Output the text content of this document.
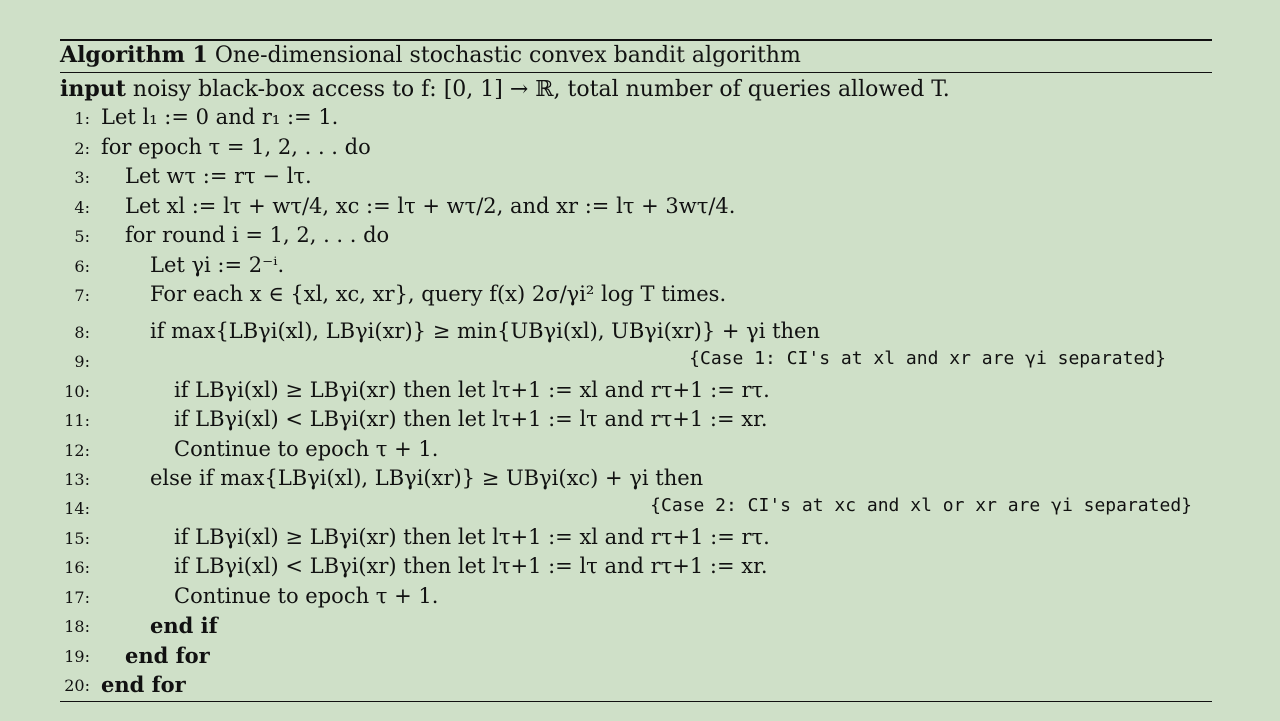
Algorithm 1 One-dimensional stochastic convex bandit algorithm
input noisy black-box access to f: [0, 1] → ℝ, total number of queries allowed T.
1: Let l₁ := 0 and r₁ := 1.
2: for epoch τ = 1, 2, . . . do
3: Let wτ := rτ − lτ.
4: Let xl := lτ + wτ/4, xc := lτ + wτ/2, and xr := lτ + 3wτ/4.
5: for round i = 1, 2, . . . do
6:	Let γi := 2⁻ⁱ.
7:	For each x ∈ {xl, xc, xr}, query f(x) 2σ/γi² log T times.
8:	if max{LBγi(xl), LBγi(xr)} ≥ min{UBγi(xl), UBγi(xr)} + γi then
9:	{Case 1: CI's at xl and xr are γi separated}
10:	if LBγi(xl) ≥ LBγi(xr) then let lτ+1 := xl and rτ+1 := rτ.
11:	if LBγi(xl) < LBγi(xr) then let lτ+1 := lτ and rτ+1 := xr.
12:	Continue to epoch τ + 1.
13:	else if max{LBγi(xl), LBγi(xr)} ≥ UBγi(xc) + γi then
14:	{Case 2: CI's at xc and xl or xr are γi separated}
15:	if LBγi(xl) ≥ LBγi(xr) then let lτ+1 := xl and rτ+1 := rτ.
16:	if LBγi(xl) < LBγi(xr) then let lτ+1 := lτ and rτ+1 := xr.
17:	Continue to epoch τ + 1.
18:	end if
19: end for
20: end for
